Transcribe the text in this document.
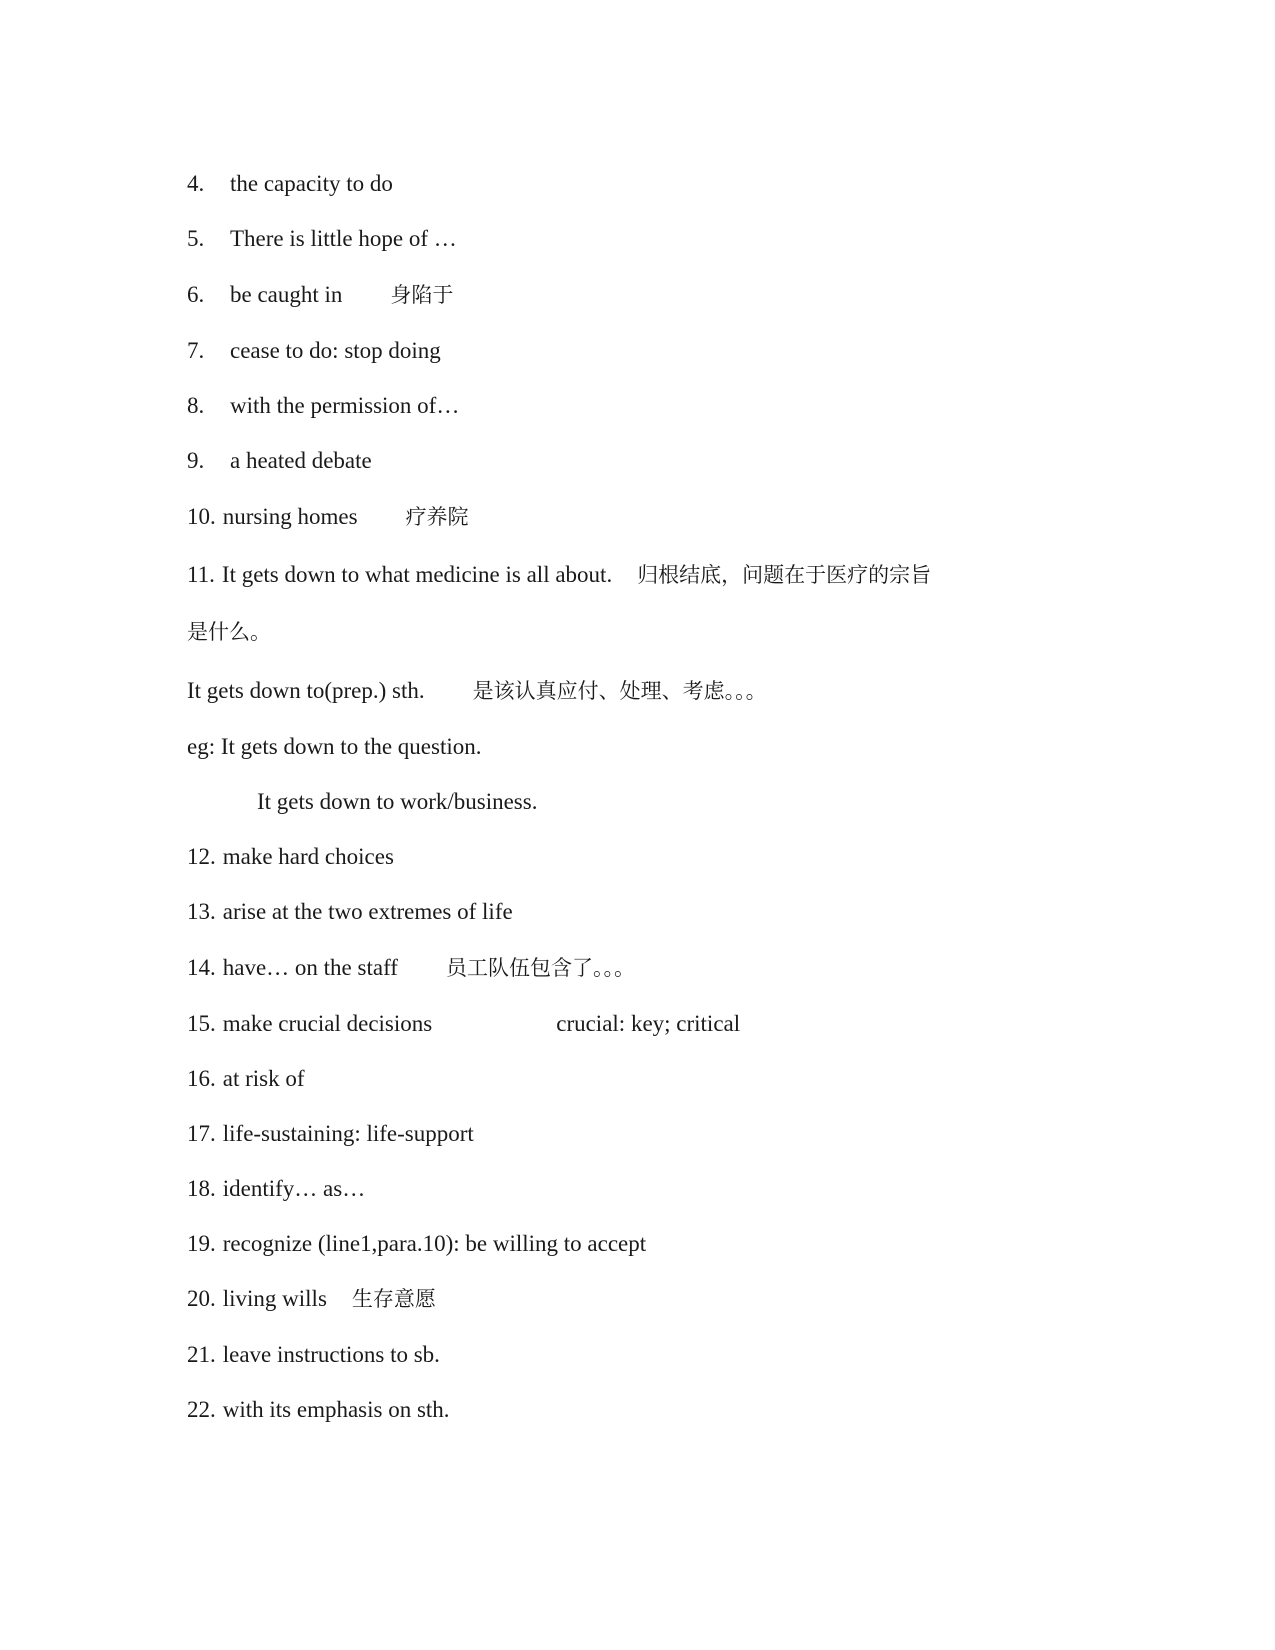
4. the capacity to do
5. There is little hope of …
6. be caught in 身陷于
7. cease to do: stop doing
8. with the permission of…
9. a heated debate
10. nursing homes 疗养院
11. It gets down to what medicine is all about. 归根结底，问题在于医疗的宗旨
是什么。
It gets down to(prep.) sth. 是该认真应付、处理、考虑。。。
eg: It gets down to the question.
It gets down to work/business.
12. make hard choices
13. arise at the two extremes of life
14. have… on the staff 员工队伍包含了。。。
15. make crucial decisions	crucial: key; critical
16. at risk of
17. life-sustaining: life-support
18. identify… as…
19. recognize (line1,para.10): be willing to accept
20. living wills 生存意愿
21. leave instructions to sb.
22. with its emphasis on sth.
